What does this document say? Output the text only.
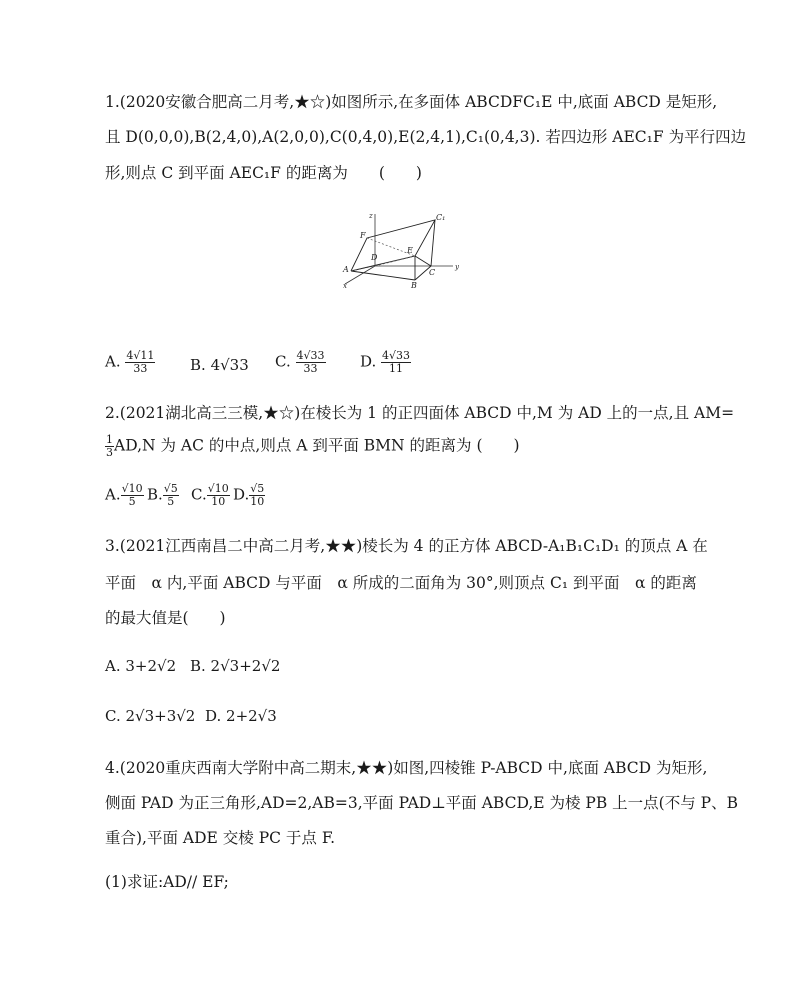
1.(2020安徽合肥高二月考,★☆)如图所示,在多面体 ABCDFC₁E 中,底面 ABCD 是矩形,
且 D(0,0,0),B(2,4,0),A(2,0,0),C(0,4,0),E(2,4,1),C₁(0,4,3). 若四边形 AEC₁F 为平行四边
形,则点 C 到平面 AEC₁F 的距离为　　(　　)
z
y
x
C₁
F
E
D
A
B
C
A. $\frac{4√11}{33} B$. 4√33 C. $\frac{4√33}{33} D$. $\frac{4√33}{11}$
2.(2021湖北高三三模,★☆)在棱长为 1 的正四面体 ABCD 中,M 为 AD 上的一点,且 AM=
$\frac{1}{3} AD,N$ 为 AC 的中点,则点 A 到平面 BMN 的距离为 (　　)
A. $\frac{√10}{5} B$. $\frac{√5}{5} C$. $\frac{√10}{10} D$. $\frac{√5}{10}$
3.(2021江西南昌二中高二月考,★★)棱长为 4 的正方体 ABCD-A₁B₁C₁D₁ 的顶点 A 在
平面　α 内,平面 ABCD 与平面　α 所成的二面角为 30°,则顶点 C₁ 到平面　α 的距离
的最大值是(　　)
A. 3+2√2 B. 2√3+2√2
C. 2√3+3√2 D. 2+2√3
4.(2020重庆西南大学附中高二期末,★★)如图,四棱锥 P-ABCD 中,底面 ABCD 为矩形,
侧面 PAD 为正三角形,AD=2,AB=3,平面 PAD⊥平面 ABCD,E 为棱 PB 上一点(不与 P、B
重合),平面 ADE 交棱 PC 于点 F.
(1)求证:AD// EF;
